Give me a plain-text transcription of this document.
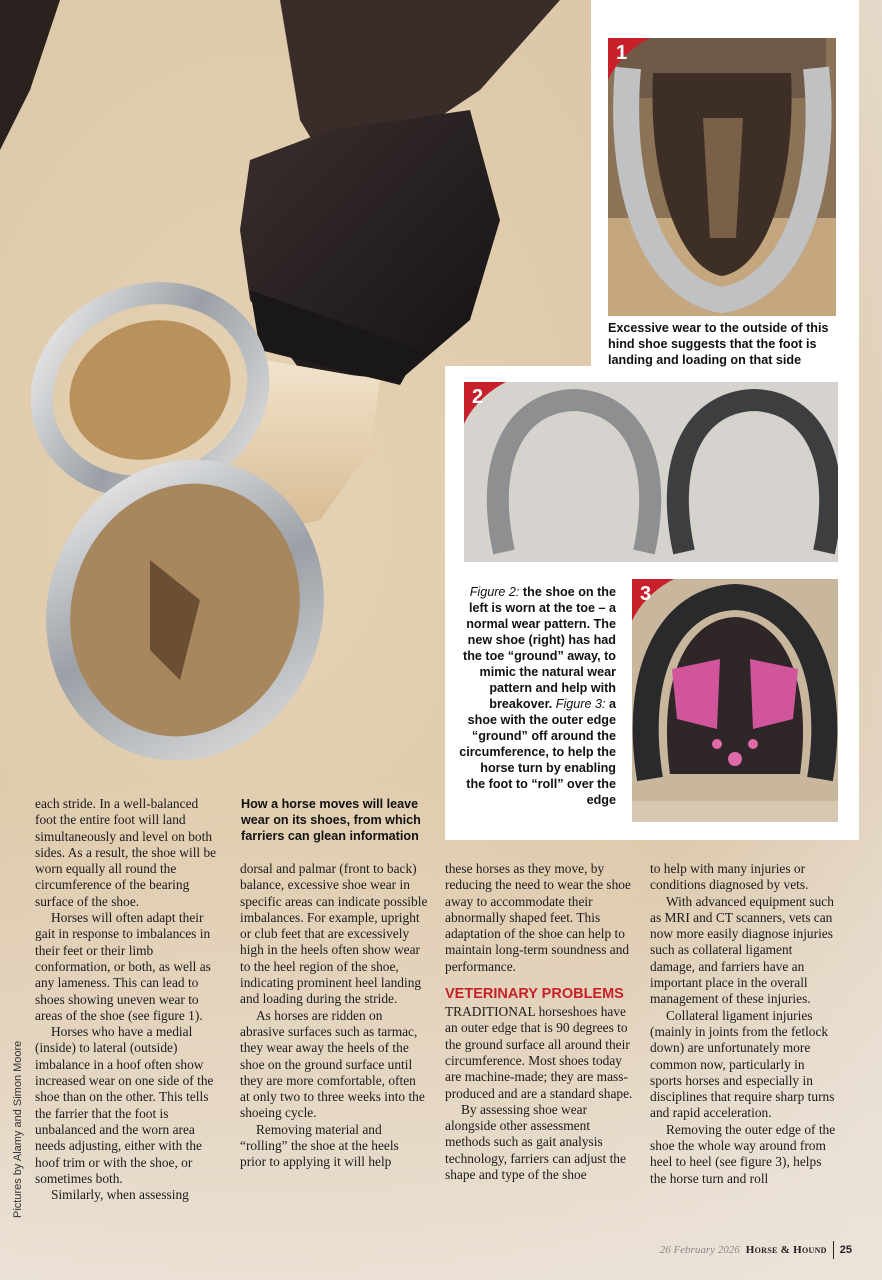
1
Excessive wear to the outside of this hind shoe suggests that the foot is landing and loading on that side
2
3
Figure 2: the shoe on the left is worn at the toe – a normal wear pattern. The new shoe (right) has had the toe “ground” away, to mimic the natural wear pattern and help with breakover. Figure 3: a shoe with the outer edge “ground” off around the circumference, to help the horse turn by enabling the foot to “roll” over the edge
How a horse moves will leave wear on its shoes, from which farriers can glean information

each stride. In a well-balanced foot the entire foot will land simultaneously and level on both sides. As a result, the shoe will be worn equally all round the circumference of the bearing surface of the shoe.

Horses will often adapt their gait in response to imbalances in their feet or their limb conformation, or both, as well as any lameness. This can lead to shoes showing uneven wear to areas of the shoe (see figure 1).

Horses who have a medial (inside) to lateral (outside) imbalance in a hoof often show increased wear on one side of the shoe than on the other. This tells the farrier that the foot is unbalanced and the worn area needs adjusting, either with the hoof trim or with the shoe, or sometimes both.

Similarly, when assessing

dorsal and palmar (front to back) balance, excessive shoe wear in specific areas can indicate possible imbalances. For example, upright or club feet that are excessively high in the heels often show wear to the heel region of the shoe, indicating prominent heel landing and loading during the stride.

As horses are ridden on abrasive surfaces such as tarmac, they wear away the heels of the shoe on the ground surface until they are more comfortable, often at only two to three weeks into the shoeing cycle.

Removing material and “rolling” the shoe at the heels prior to applying it will help

these horses as they move, by reducing the need to wear the shoe away to accommodate their abnormally shaped feet. This adaptation of the shoe can help to maintain long-term soundness and performance.

VETERINARY PROBLEMS

TRADITIONAL horseshoes have an outer edge that is 90 degrees to the ground surface all around their circumference. Most shoes today are machine-made; they are mass-produced and are a standard shape.

By assessing shoe wear alongside other assessment methods such as gait analysis technology, farriers can adjust the shape and type of the shoe

to help with many injuries or conditions diagnosed by vets.

With advanced equipment such as MRI and CT scanners, vets can now more easily diagnose injuries such as collateral ligament damage, and farriers have an important place in the overall management of these injuries.

Collateral ligament injuries (mainly in joints from the fetlock down) are unfortunately more common now, particularly in sports horses and especially in disciplines that require sharp turns and rapid acceleration.

Removing the outer edge of the shoe the whole way around from heel to heel (see figure 3), helps the horse turn and roll

Pictures by Alamy and Simon Moore
26 February 2026 Horse & Hound 25
